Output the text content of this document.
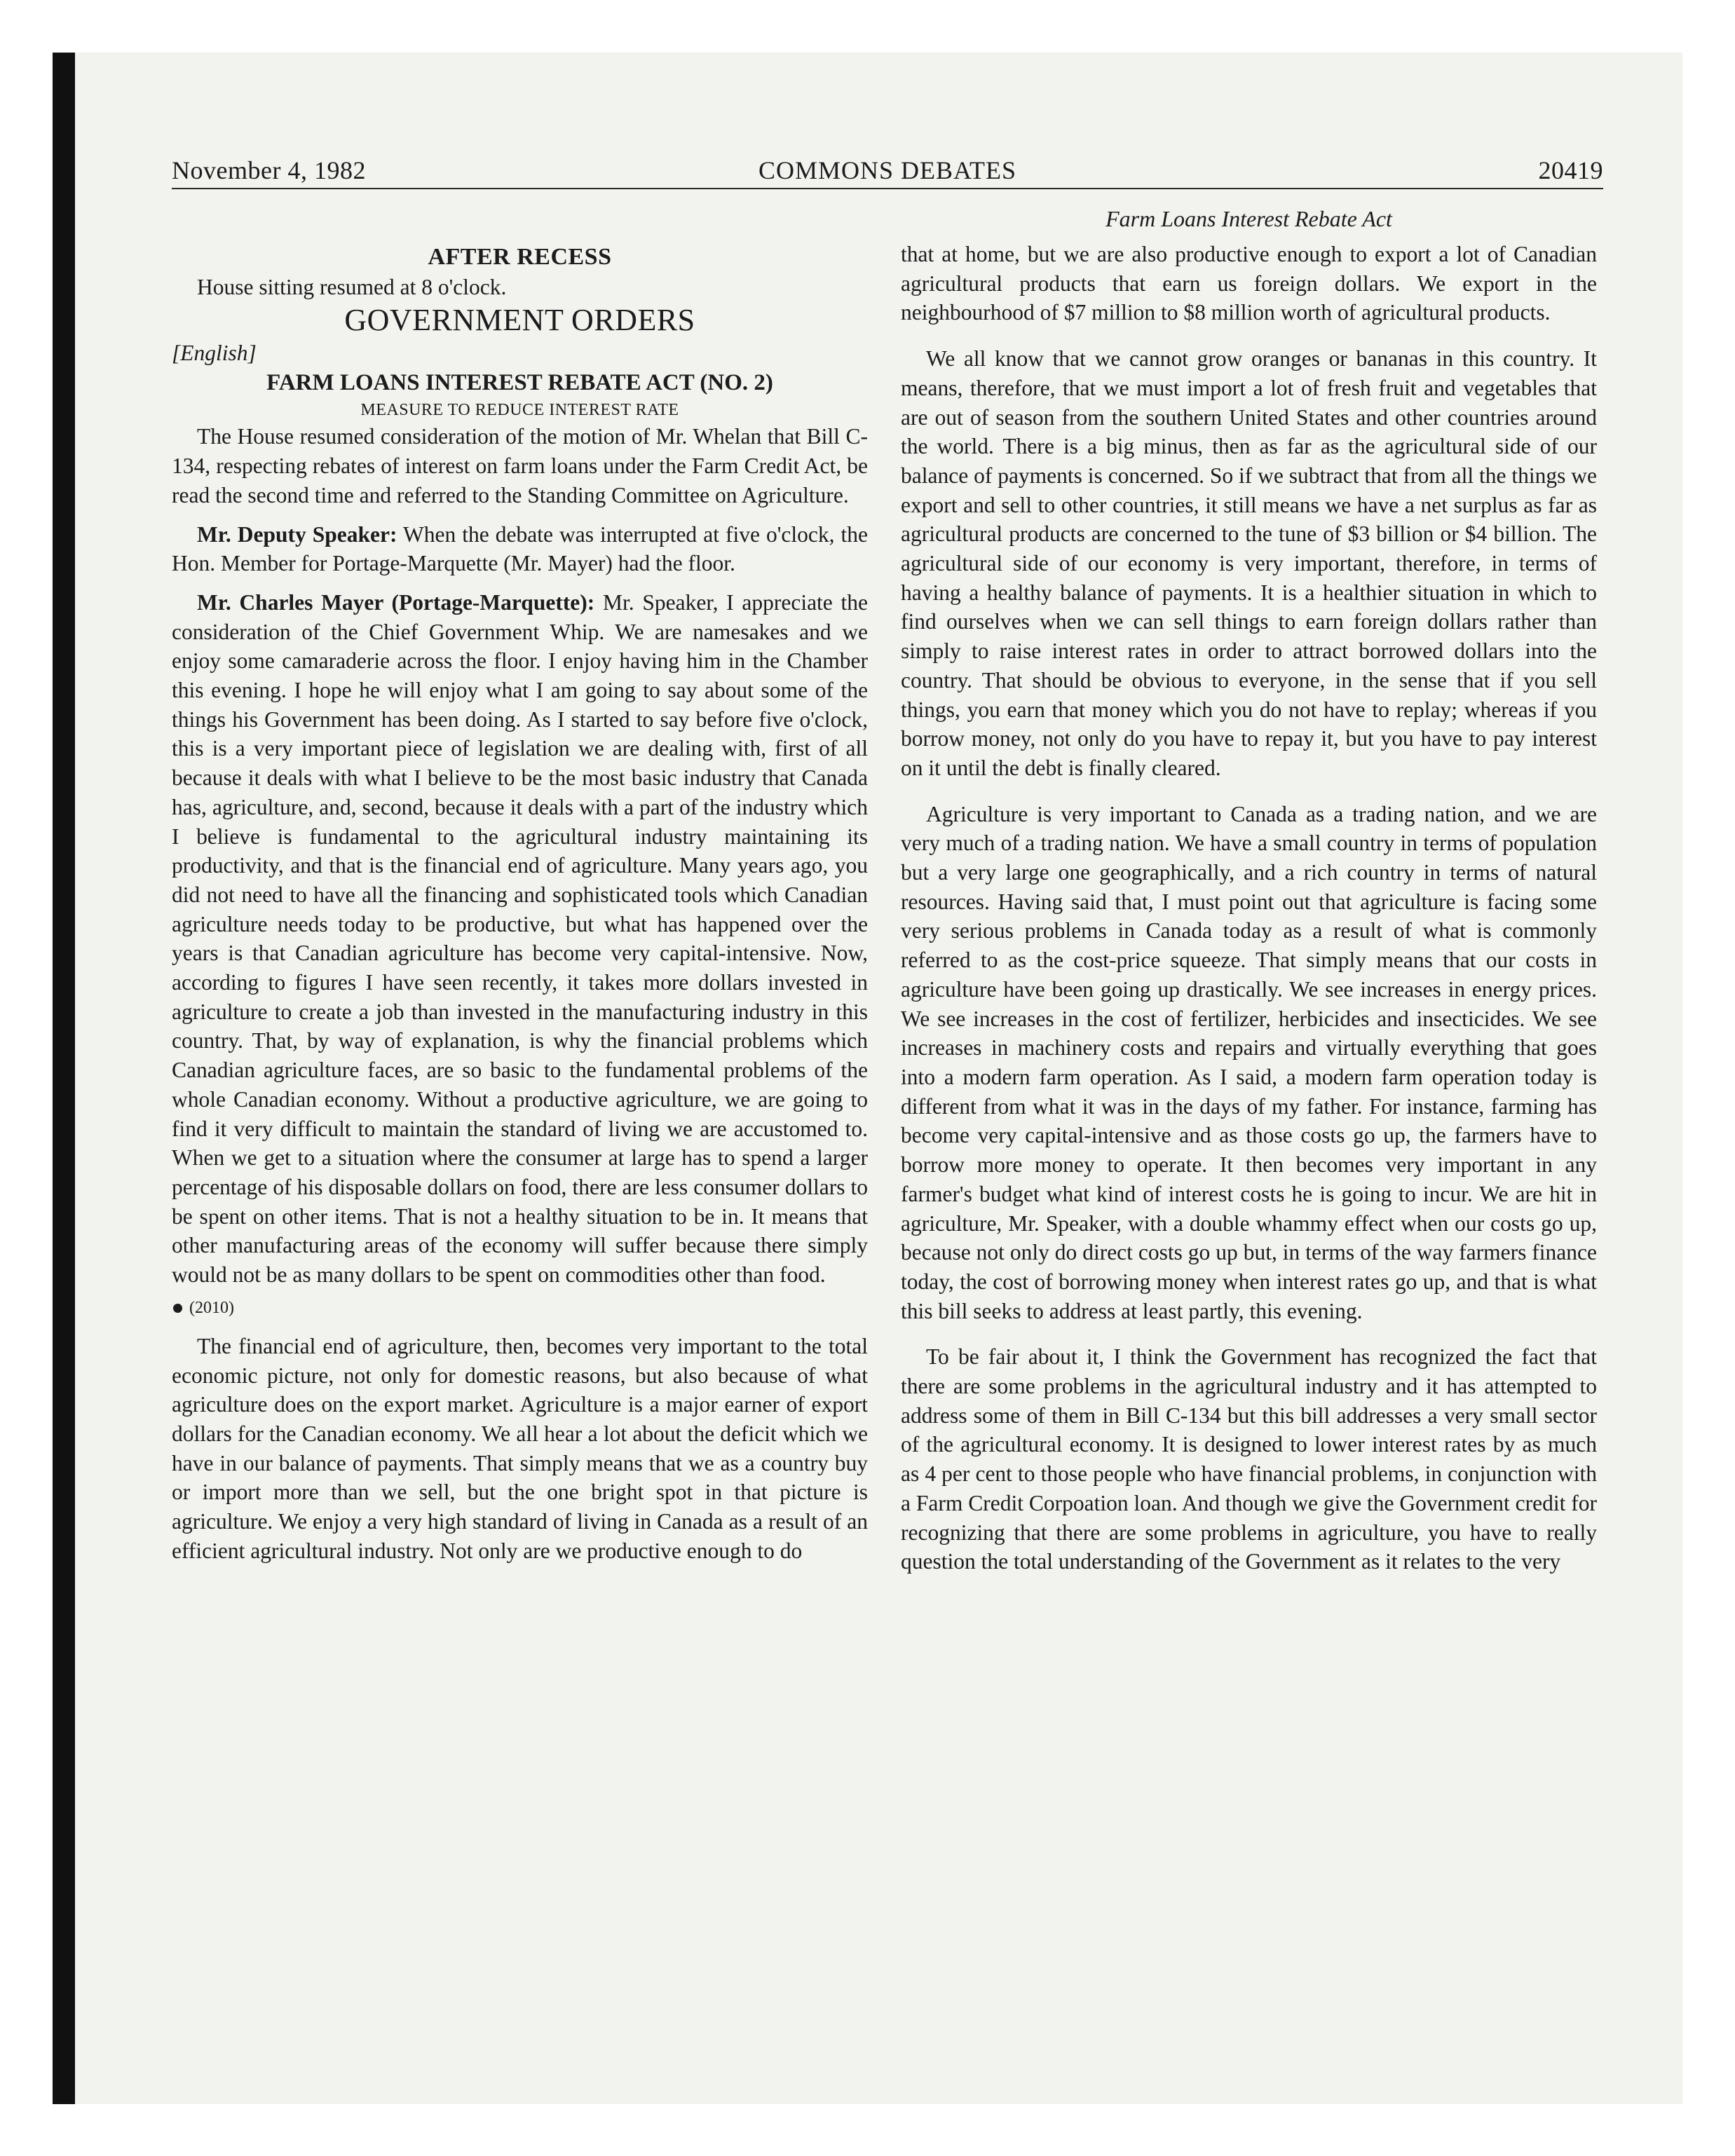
November 4, 1982	COMMONS DEBATES	20419

AFTER RECESS

House sitting resumed at 8 o'clock.

GOVERNMENT ORDERS

[English]

FARM LOANS INTEREST REBATE ACT (NO. 2)

MEASURE TO REDUCE INTEREST RATE

The House resumed consideration of the motion of Mr. Whelan that Bill C-134, respecting rebates of interest on farm loans under the Farm Credit Act, be read the second time and referred to the Standing Committee on Agriculture.

Mr. Deputy Speaker: When the debate was interrupted at five o'clock, the Hon. Member for Portage-Marquette (Mr. Mayer) had the floor.

Mr. Charles Mayer (Portage-Marquette): Mr. Speaker, I appreciate the consideration of the Chief Government Whip. We are namesakes and we enjoy some camaraderie across the floor. I enjoy having him in the Chamber this evening. I hope he will enjoy what I am going to say about some of the things his Government has been doing. As I started to say before five o'clock, this is a very important piece of legislation we are dealing with, first of all because it deals with what I believe to be the most basic industry that Canada has, agriculture, and, second, because it deals with a part of the industry which I believe is fundamental to the agricultural industry maintaining its productivity, and that is the financial end of agriculture. Many years ago, you did not need to have all the financing and sophisticated tools which Canadian agriculture needs today to be productive, but what has happened over the years is that Canadian agriculture has become very capital-intensive. Now, according to figures I have seen recently, it takes more dollars invested in agriculture to create a job than invested in the manufacturing industry in this country. That, by way of explanation, is why the financial problems which Canadian agriculture faces, are so basic to the fundamental problems of the whole Canadian economy. Without a productive agriculture, we are going to find it very difficult to maintain the standard of living we are accustomed to. When we get to a situation where the consumer at large has to spend a larger percentage of his disposable dollars on food, there are less consumer dollars to be spent on other items. That is not a healthy situation to be in. It means that other manufacturing areas of the economy will suffer because there simply would not be as many dollars to be spent on commodities other than food.

(2010)

The financial end of agriculture, then, becomes very important to the total economic picture, not only for domestic reasons, but also because of what agriculture does on the export market. Agriculture is a major earner of export dollars for the Canadian economy. We all hear a lot about the deficit which we have in our balance of payments. That simply means that we as a country buy or import more than we sell, but the one bright spot in that picture is agriculture. We enjoy a very high standard of living in Canada as a result of an efficient agricultural industry. Not only are we productive enough to do

Farm Loans Interest Rebate Act

that at home, but we are also productive enough to export a lot of Canadian agricultural products that earn us foreign dollars. We export in the neighbourhood of $7 million to $8 million worth of agricultural products.

We all know that we cannot grow oranges or bananas in this country. It means, therefore, that we must import a lot of fresh fruit and vegetables that are out of season from the southern United States and other countries around the world. There is a big minus, then as far as the agricultural side of our balance of payments is concerned. So if we subtract that from all the things we export and sell to other countries, it still means we have a net surplus as far as agricultural products are concerned to the tune of $3 billion or $4 billion. The agricultural side of our economy is very important, therefore, in terms of having a healthy balance of payments. It is a healthier situation in which to find ourselves when we can sell things to earn foreign dollars rather than simply to raise interest rates in order to attract borrowed dollars into the country. That should be obvious to everyone, in the sense that if you sell things, you earn that money which you do not have to replay; whereas if you borrow money, not only do you have to repay it, but you have to pay interest on it until the debt is finally cleared.

Agriculture is very important to Canada as a trading nation, and we are very much of a trading nation. We have a small country in terms of population but a very large one geographically, and a rich country in terms of natural resources. Having said that, I must point out that agriculture is facing some very serious problems in Canada today as a result of what is commonly referred to as the cost-price squeeze. That simply means that our costs in agriculture have been going up drastically. We see increases in energy prices. We see increases in the cost of fertilizer, herbicides and insecticides. We see increases in machinery costs and repairs and virtually everything that goes into a modern farm operation. As I said, a modern farm operation today is different from what it was in the days of my father. For instance, farming has become very capital-intensive and as those costs go up, the farmers have to borrow more money to operate. It then becomes very important in any farmer's budget what kind of interest costs he is going to incur. We are hit in agriculture, Mr. Speaker, with a double whammy effect when our costs go up, because not only do direct costs go up but, in terms of the way farmers finance today, the cost of borrowing money when interest rates go up, and that is what this bill seeks to address at least partly, this evening.

To be fair about it, I think the Government has recognized the fact that there are some problems in the agricultural industry and it has attempted to address some of them in Bill C-134 but this bill addresses a very small sector of the agricultural economy. It is designed to lower interest rates by as much as 4 per cent to those people who have financial problems, in conjunction with a Farm Credit Corpoation loan. And though we give the Government credit for recognizing that there are some problems in agriculture, you have to really question the total understanding of the Government as it relates to the very
